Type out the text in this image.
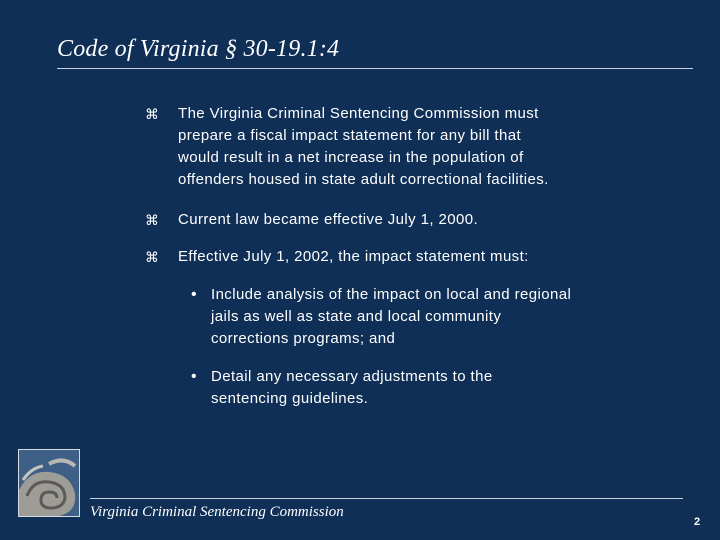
Code of Virginia § 30-19.1:4
⌘ The Virginia Criminal Sentencing Commission must
prepare a fiscal impact statement for any bill that
would result in a net increase in the population of
offenders housed in state adult correctional facilities.
⌘ Current law became effective July 1, 2000.
⌘ Effective July 1, 2002, the impact statement must:
• Include analysis of the impact on local and regional
jails as well as state and local community
corrections programs; and
• Detail any necessary adjustments to the
sentencing guidelines.
Virginia Criminal Sentencing Commission
2
